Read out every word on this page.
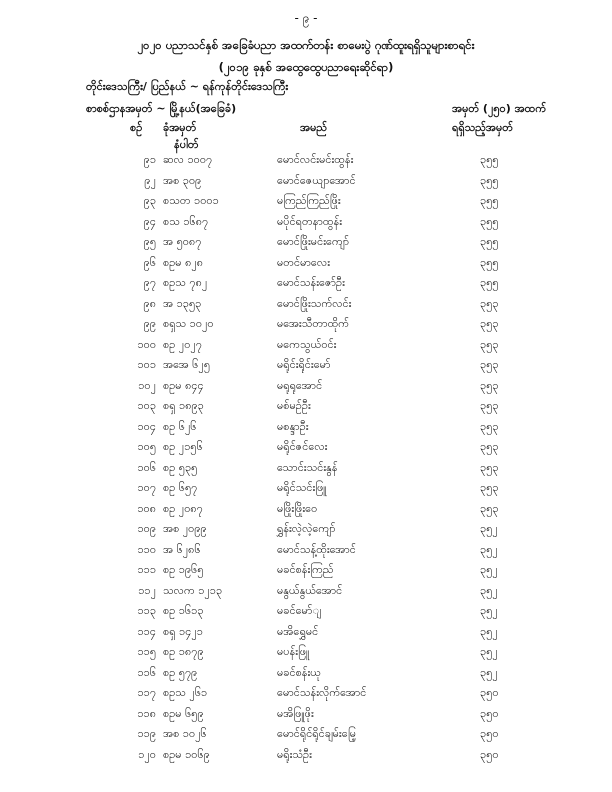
- ၉ -
၂၀၂၀ ပညာသင်နှစ် အခြေခံပညာ အထက်တန်း စာမေးပွဲ ဂုဏ်ထူးရရှိသူများစာရင်း
(၂၀၁၉ ခုနှစ် အထွေထွေပညာရေးဆိုင်ရာ)
တိုင်းဒေသကြီး/ ပြည်နယ် ~ ရန်ကုန်တိုင်းဒေသကြီး
စာစစ်ဌာနအမှတ် ~ မြို့နယ်(အခြေခံ)	အမှတ် (၂၅၀) အထက်
စဉ် ခုံအမှတ်
နံပါတ်
အမည်	ရရှိသည့်အမှတ်
၉၁ ဆလ ၁၀၀၇	မောင်လင်းမင်းထွန်း	၃၅၅
၉၂ အစ ၃၀၉	မောင်ဇေယျာအောင်	၃၅၅
၉၃ စသတ ၁၀၀၁	မကြည်ကြည်ဖြိုး	၃၅၅
၉၄ စသ ၁၆၈၇	မပိုင်ရတနာထွန်း	၃၅၅
၉၅ အ ၅၀၈၇	မောင်ဖြိုးမင်းကျော်	၃၅၅
၉၆ စဥမ ၈၂၈	မတင်မာလေး	၃၅၅
၉၇ စဥသ ၇၈၂	မောင်သန်းဇော်ဦး	၃၅၅
၉၈ အ ၁၃၅၃	မောင်ဖြိုးသက်လင်း	၃၅၃
၉၉ စရှသ ၁၀၂၀	မအေးသီတာထိုက်	၃၅၃
၁၀၀ စဥ ၂၀၂၇	မကေသွယ်ဝင်း	၃၅၃
၁၀၁ အအေ ၆၂၅	မရိုင်းရိုင်းမော်	၃၅၃
၁၀၂ စဥမ ၈၄၄	မရုရုအောင်	၃၅၃
၁၀၃ စရှ ၁၈၉၃	မစ်မဉ်ဦး	၃၅၃
၁၀၄ စဥ ၆၂၆	မစန္ဒာဦး	၃၅၃
၁၀၅ စဥ ၂၁၅၆	မရိုင်ဇင်လေး	၃၅၃
၁၀၆ စဥ ၅၃၅	သောင်းသင်းနွန်	၃၅၃
၁၀၇ စဥ ၆၅၇	မရိုင်သင်းဖြူ	၃၅၃
၁၀၈ စဥ ၂၀၈၇	မဖြိုးဖြိုးဝေ	၃၅၃
၁၀၉ အစ ၂၀၉၉	ရွှန်းလဲ့လဲ့ကျော်	၃၅၂
၁၁၀ အ ၆၂၈၆	မောင်သန့်ထိုးအောင်	၃၅၂
၁၁၁ စဥ ၁၉၆၅	မခင်စန်းကြည်	၃၅၂
၁၁၂ သလက ၁၂၁၃	မနွယ်နွယ်အောင်	၃၅၂
၁၁၃ စဥ ၁၆၁၃	မခင်မော်ျ	၃၅၂
၁၁၄ စရှ ၁၄၂၁	မအိရွှေမင်	၃၅၂
၁၁၅ စဥ ၁၈၇၉	မပန်းဖြူ	၃၅၂
၁၁၆ စဥ ၅၇၉	မခင်စန်းယု	၃၅၂
၁၁၇ စဥသ ၂၆၁	မောင်သန်းလိုက်အောင်	၃၅၀
၁၁၈ စဥမ ၆၅၉	မအိဖြူဖိုး	၃၅၀
၁၁၉ အစ ၁၀၂၆	မောင်ရိုင်ရိုင်ချမ်းမြေ့	၃၅၀
၁၂၀ စဥမ ၁၀၆၉	မရိုးသံဦး	၃၅၀
